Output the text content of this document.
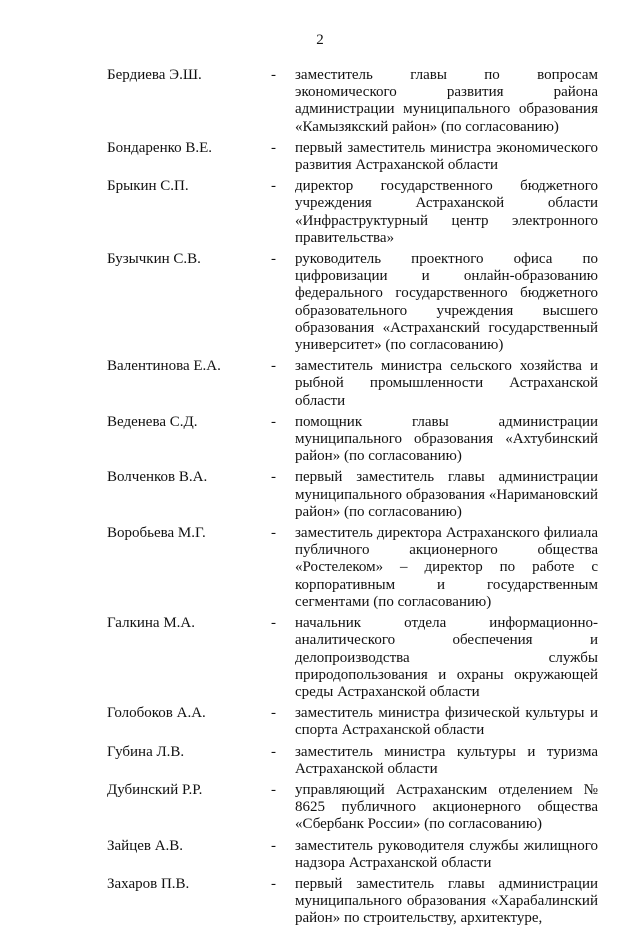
2
Бердиева Э.Ш.	- заместитель главы по вопросам экономического развития района администрации муниципального образования «Камызякский район» (по согласованию)
Бондаренко В.Е.	- первый заместитель министра экономического развития Астраханской области
Брыкин С.П.	- директор государственного бюджетного учреждения Астраханской области «Инфраструктурный центр электронного правительства»
Бузычкин С.В.	- руководитель проектного офиса по цифровизации и онлайн-образованию федерального государственного бюджетного образовательного учреждения высшего образования «Астраханский государственный университет» (по согласованию)
Валентинова Е.А.	- заместитель министра сельского хозяйства и рыбной промышленности Астраханской области
Веденева С.Д.	- помощник главы администрации муниципального образования «Ахтубинский район» (по согласованию)
Волченков В.А.	- первый заместитель главы администрации муниципального образования «Наримановский район» (по согласованию)
Воробьева М.Г.	- заместитель директора Астраханского филиала публичного акционерного общества «Ростелеком» – директор по работе с корпоративным и государственным сегментами (по согласованию)
Галкина М.А.	- начальник отдела информационно-аналитического обеспечения и делопроизводства службы природопользования и охраны окружающей среды Астраханской области
Голобоков А.А.	- заместитель министра физической культуры и спорта Астраханской области
Губина Л.В.	- заместитель министра культуры и туризма Астраханской области
Дубинский Р.Р.	- управляющий Астраханским отделением № 8625 публичного акционерного общества «Сбербанк России» (по согласованию)
Зайцев А.В.	- заместитель руководителя службы жилищного надзора Астраханской области
Захаров П.В.	- первый заместитель главы администрации муниципального образования «Харабалинский район» по строительству, архитектуре,
